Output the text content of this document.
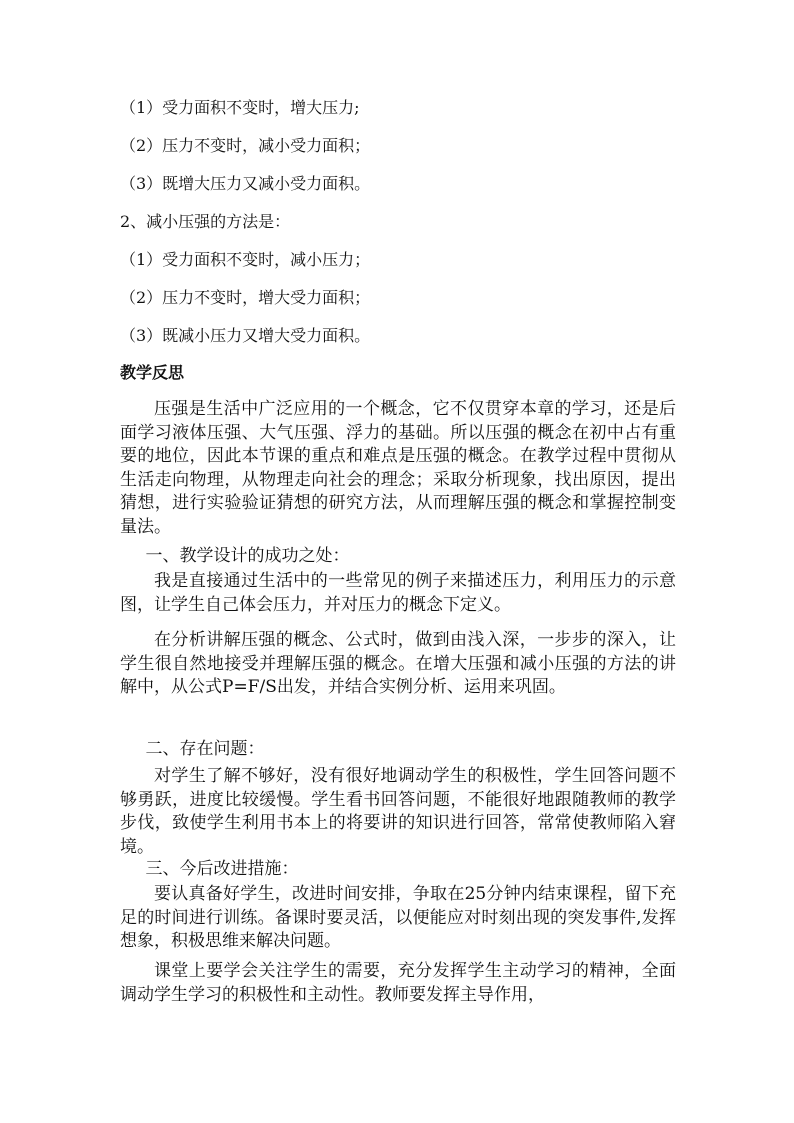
（1）受力面积不变时，增大压力;
（2）压力不变时，减小受力面积；
（3）既增大压力又减小受力面积。
2、减小压强的方法是：
（1）受力面积不变时，减小压力；
（2）压力不变时，增大受力面积；
（3）既减小压力又增大受力面积。
教学反思

压强是生活中广泛应用的一个概念，它不仅贯穿本章的学习，还是后面学习液体压强、大气压强、浮力的基础。所以压强的概念在初中占有重要的地位，因此本节课的重点和难点是压强的概念。在教学过程中贯彻从生活走向物理，从物理走向社会的理念；采取分析现象，找出原因，提出猜想，进行实验验证猜想的研究方法，从而理解压强的概念和掌握控制变量法。

一、教学设计的成功之处：

我是直接通过生活中的一些常见的例子来描述压力，利用压力的示意图，让学生自己体会压力，并对压力的概念下定义。

在分析讲解压强的概念、公式时，做到由浅入深，一步步的深入，让学生很自然地接受并理解压强的概念。在增大压强和减小压强的方法的讲解中，从公式P=F/S出发，并结合实例分析、运用来巩固。

二、存在问题：

对学生了解不够好，没有很好地调动学生的积极性，学生回答问题不够勇跃，进度比较缓慢。学生看书回答问题，不能很好地跟随教师的教学步伐，致使学生利用书本上的将要讲的知识进行回答，常常使教师陷入窘境。

三、今后改进措施：

要认真备好学生，改进时间安排，争取在25分钟内结束课程，留下充足的时间进行训练。备课时要灵活，以便能应对时刻出现的突发事件,发挥想象，积极思维来解决问题。

课堂上要学会关注学生的需要，充分发挥学生主动学习的精神，全面调动学生学习的积极性和主动性。教师要发挥主导作用，
